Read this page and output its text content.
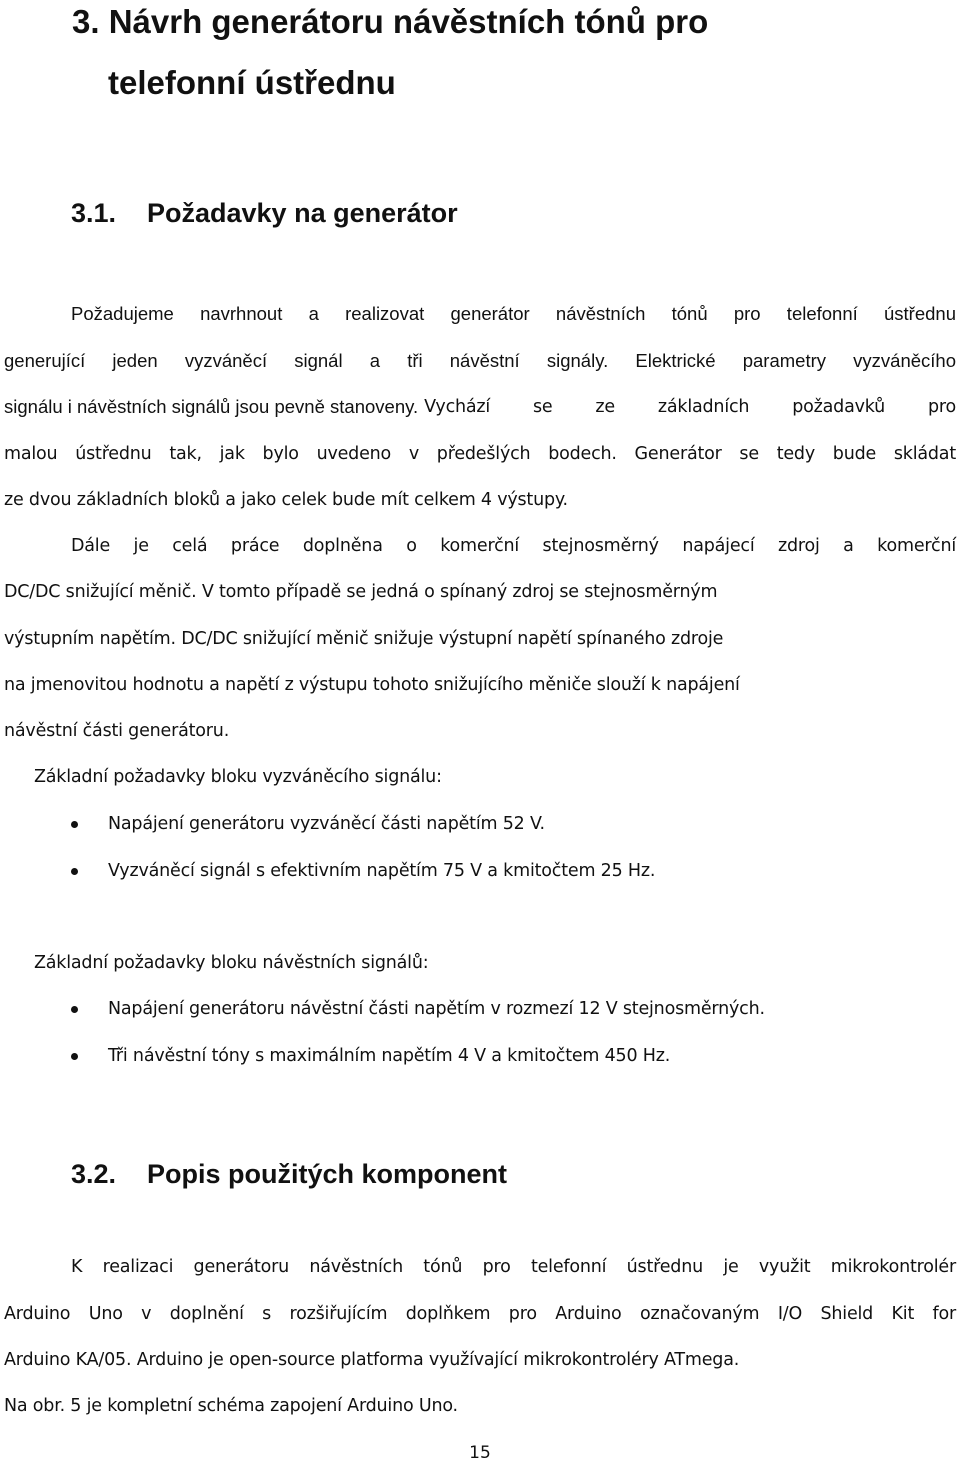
3. Návrh generátoru návěstních tónů pro
telefonní ústřednu
3.1. Požadavky na generátor
Požadujeme navrhnout a realizovat generátor návěstních tónů pro telefonní ústřednu
generující jeden vyzváněcí signál a tři návěstní signály. Elektrické parametry vyzváněcího
signálu i návěstních signálů jsou pevně stanoveny. Vychází se ze základních požadavků pro
malou ústřednu tak, jak bylo uvedeno v předešlých bodech. Generátor se tedy bude skládat
ze dvou základních bloků a jako celek bude mít celkem 4 výstupy.
Dále je celá práce doplněna o komerční stejnosměrný napájecí zdroj a komerční
DC/DC snižující měnič. V tomto případě se jedná o spínaný zdroj se stejnosměrným
výstupním napětím. DC/DC snižující měnič snižuje výstupní napětí spínaného zdroje
na jmenovitou hodnotu a napětí z výstupu tohoto snižujícího měniče slouží k napájení
návěstní části generátoru.
Základní požadavky bloku vyzváněcího signálu:
Napájení generátoru vyzváněcí části napětím 52 V.
Vyzváněcí signál s efektivním napětím 75 V a kmitočtem 25 Hz.
Základní požadavky bloku návěstních signálů:
Napájení generátoru návěstní části napětím v rozmezí 12 V stejnosměrných.
Tři návěstní tóny s maximálním napětím 4 V a kmitočtem 450 Hz.
3.2. Popis použitých komponent
K realizaci generátoru návěstních tónů pro telefonní ústřednu je využit mikrokontrolér
Arduino Uno v doplnění s rozšiřujícím doplňkem pro Arduino označovaným I/O Shield Kit for
Arduino KA/05. Arduino je open-source platforma využívající mikrokontroléry ATmega.
Na obr. 5 je kompletní schéma zapojení Arduino Uno.
15
